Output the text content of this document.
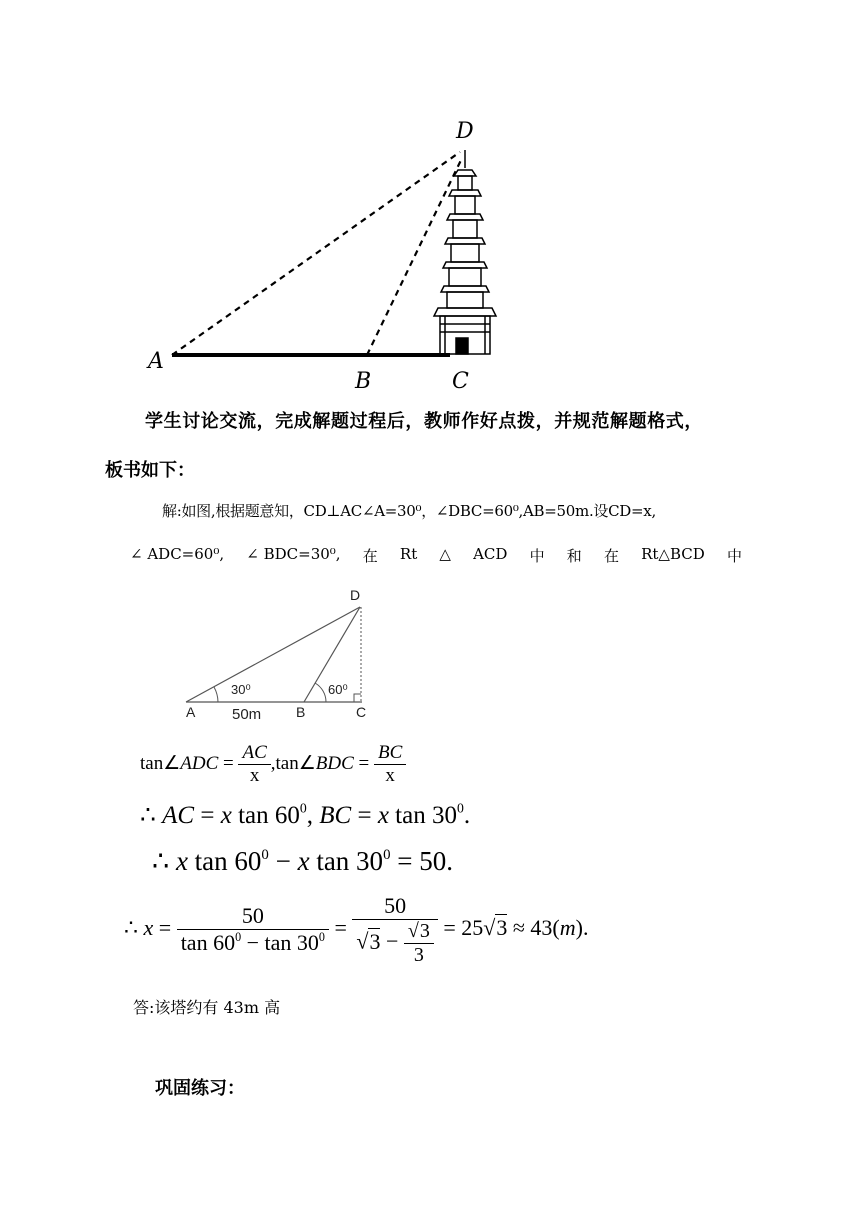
D
A
B	C
学生讨论交流，完成解题过程后，教师作好点拨，并规范解题格式，
板书如下：
解:如图,根据题意知，CD⊥AC∠A=30⁰，∠DBC=60⁰,AB=50m.设CD=x,
∠ ADC=60⁰, ∠ BDC=30⁰, 在 Rt △ ACD 中 和 在 Rt△BCD 中
D
A	B	C
30⁰	60⁰
50m
tan∠ADC = $\frac{AC}{x}$ ,tan∠BDC = $\frac{BC}{x}$
∴ AC = x $\tan 60^0$, BC = x $\tan 30^0$.
∴ x $\tan 60^0 - x$ $\tan 30^0 = 50$.
∴ $x = \frac{50}{\tan 60^0 - \tan 30^0} = \frac{50}{√3 - \frac{√3}{3}} = 25√3 \approx 43(m)$.
答:该塔约有 43m 高
巩固练习：
